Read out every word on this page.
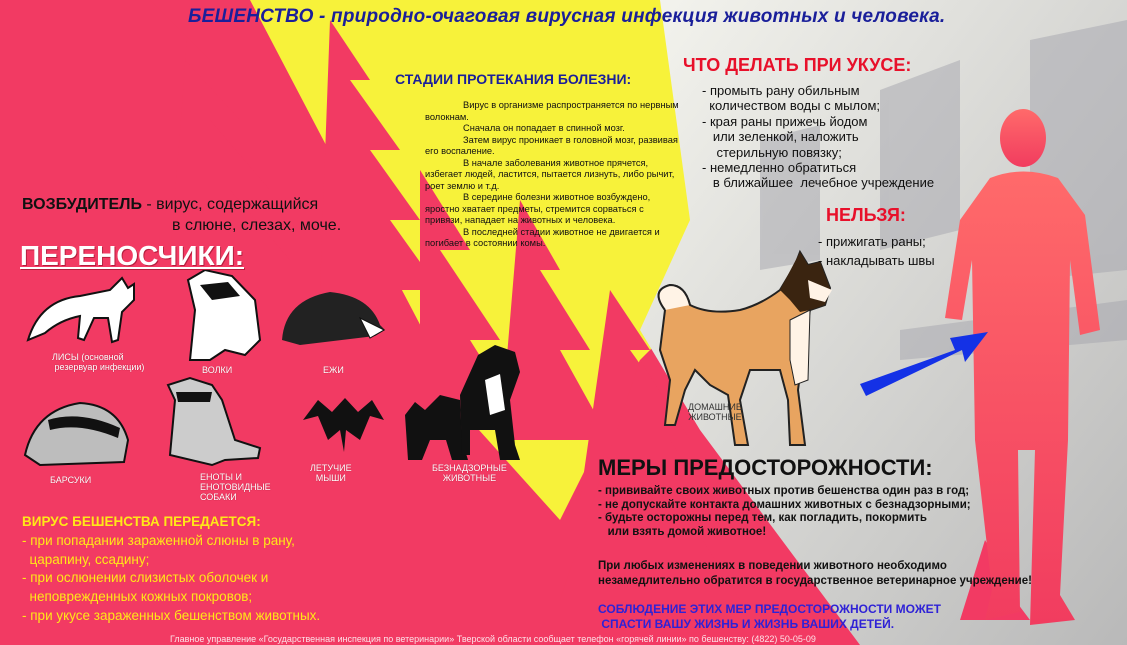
БЕШЕНСТВО - природно-очаговая вирусная инфекция животных и человека.
СТАДИИ ПРОТЕКАНИЯ БОЛЕЗНИ:

Вирус в организме распространяется по нервным волокнам.

Сначала он попадает в спинной мозг.

Затем вирус проникает в головной мозг, развивая его воспаление.

В начале заболевания животное прячется, избегает людей, ластится, пытается лизнуть, либо рычит, роет землю и т.д.

В середине болезни животное возбуждено, яростно хватает предметы, стремится сорваться с привязи, нападает на животных и человека.

В последней стадии животное не двигается и погибает в состоянии комы.

ЧТО ДЕЛАТЬ ПРИ УКУСЕ:
- промыть рану обильным
количеством воды с мылом;
- края раны прижечь йодом
или зеленкой, наложить
стерильную повязку;
- немедленно обратиться
в ближайшее  лечебное учреждение
НЕЛЬЗЯ:
- прижигать раны;
- накладывать швы
ВОЗБУДИТЕЛЬ - вирус, содержащийся
в слюне, слезах, моче.
ПЕРЕНОСЧИКИ:
ЛИСЫ (основной
резервуар инфекции)	ВОЛКИ	ЕЖИ
БАРСУКИ	ЕНОТЫ И
ЕНОТОВИДНЫЕ
СОБАКИ
ЛЕТУЧИЕ
МЫШИ
БЕЗНАДЗОРНЫЕ
ЖИВОТНЫЕ
ВИРУС БЕШЕНСТВА ПЕРЕДАЕТСЯ:
- при попадании зараженной слюны в рану,
царапину, ссадину;
- при ослюнении слизистых оболочек и
неповрежденных кожных покровов;
- при укусе зараженных бешенством животных.
ДОМАШНИЕ
ЖИВОТНЫЕ
МЕРЫ ПРЕДОСТОРОЖНОСТИ:
- прививайте своих животных против бешенства один раз в год;
- не допускайте контакта домашних животных с безнадзорными;
- будьте осторожны перед тем, как погладить, покормить
или взять домой животное!
При любых изменениях в поведении животного необходимо
незамедлительно обратится в государственное ветеринарное учреждение!
СОБЛЮДЕНИЕ ЭТИХ МЕР ПРЕДОСТОРОЖНОСТИ МОЖЕТ
СПАСТИ ВАШУ ЖИЗНЬ И ЖИЗНЬ ВАШИХ ДЕТЕЙ.
Главное управление «Государственная инспекция по ветеринарии» Тверской области сообщает телефон «горячей линии» по бешенству: (4822) 50-05-09
